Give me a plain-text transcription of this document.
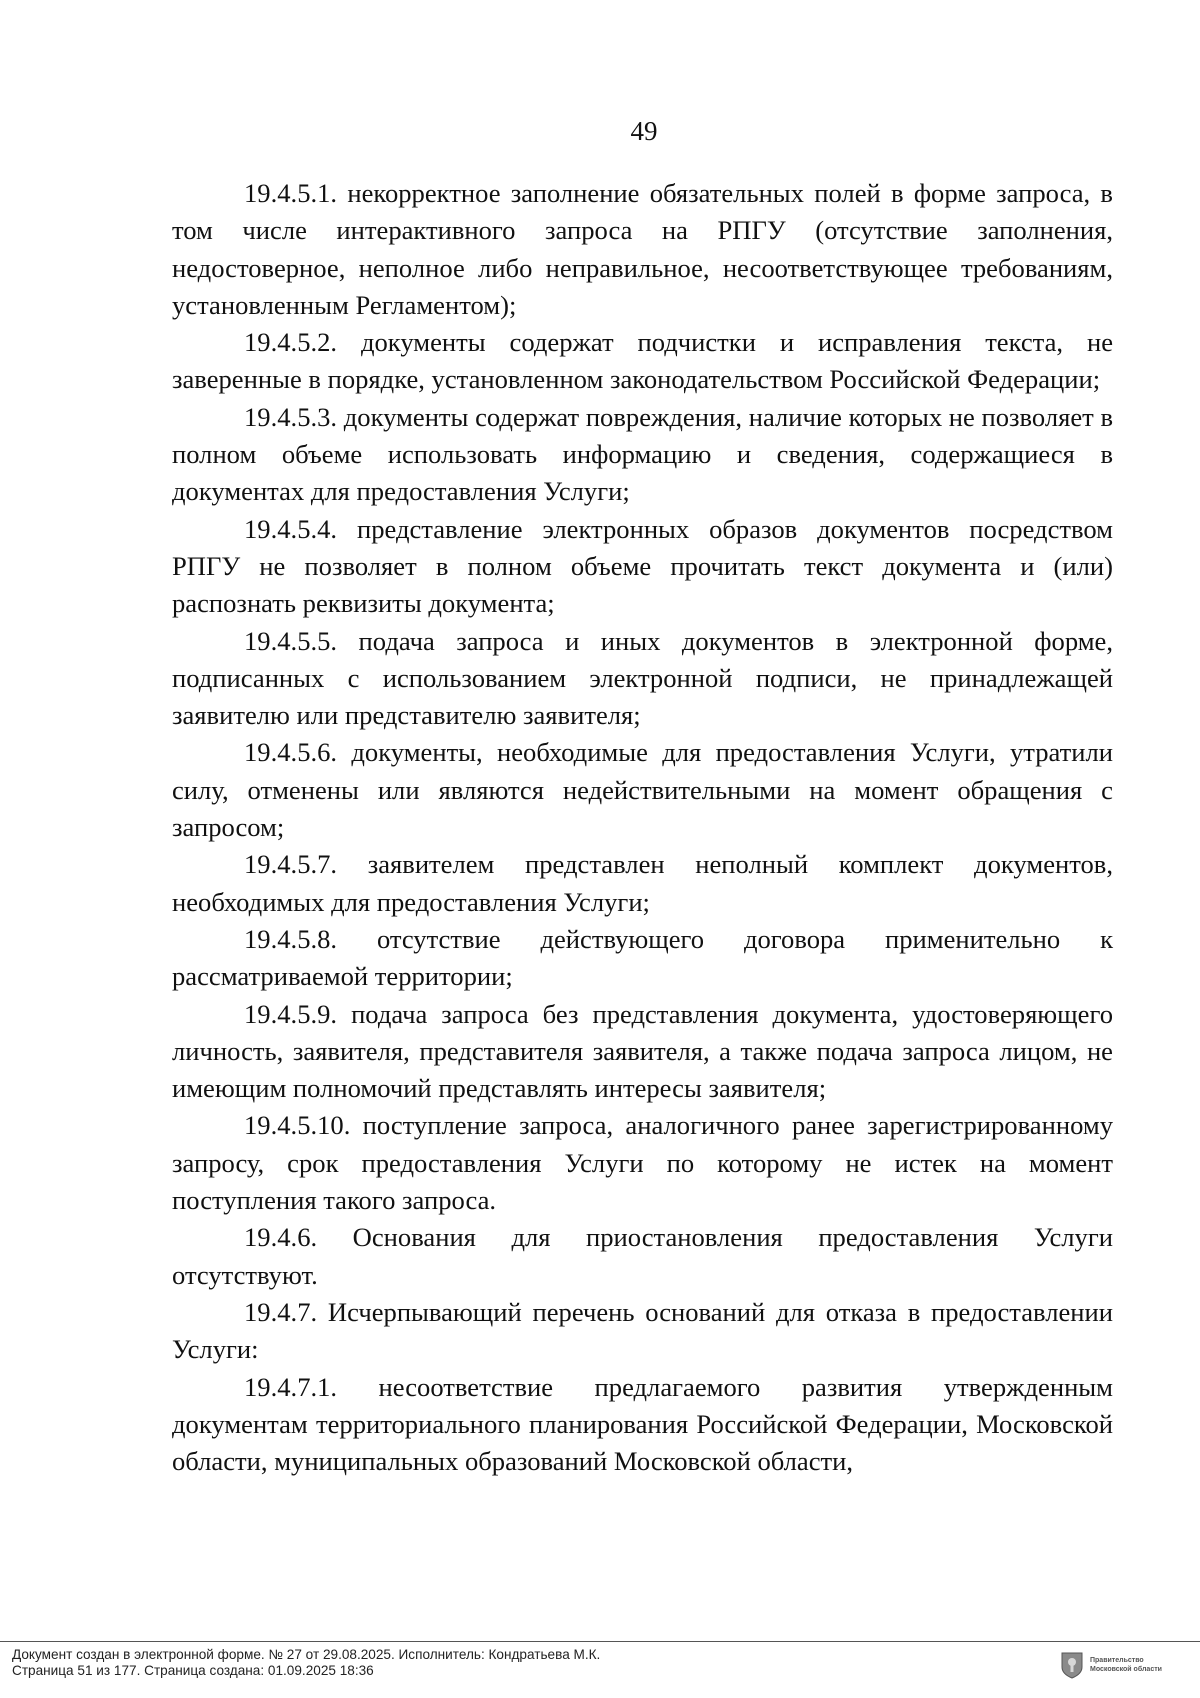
49

19.4.5.1. некорректное заполнение обязательных полей в форме запроса, в том числе интерактивного запроса на РПГУ (отсутствие заполнения, недостоверное, неполное либо неправильное, несоответствующее требованиям, установленным Регламентом);

19.4.5.2. документы содержат подчистки и исправления текста, не заверенные в порядке, установленном законодательством Российской Федерации;

19.4.5.3. документы содержат повреждения, наличие которых не позволяет в полном объеме использовать информацию и сведения, содержащиеся в документах для предоставления Услуги;

19.4.5.4. представление электронных образов документов посредством РПГУ не позволяет в полном объеме прочитать текст документа и (или) распознать реквизиты документа;

19.4.5.5. подача запроса и иных документов в электронной форме, подписанных с использованием электронной подписи, не принадлежащей заявителю или представителю заявителя;

19.4.5.6. документы, необходимые для предоставления Услуги, утратили силу, отменены или являются недействительными на момент обращения с запросом;

19.4.5.7. заявителем представлен неполный комплект документов, необходимых для предоставления Услуги;

19.4.5.8. отсутствие действующего договора применительно к рассматриваемой территории;

19.4.5.9. подача запроса без представления документа, удостоверяющего личность, заявителя, представителя заявителя, а также подача запроса лицом, не имеющим полномочий представлять интересы заявителя;

19.4.5.10. поступление запроса, аналогичного ранее зарегистрированному запросу, срок предоставления Услуги по которому не истек на момент поступления такого запроса.

19.4.6. Основания для приостановления предоставления Услуги отсутствуют.

19.4.7. Исчерпывающий перечень оснований для отказа в предоставлении Услуги:

19.4.7.1. несоответствие предлагаемого развития утвержденным документам территориального планирования Российской Федерации, Московской области, муниципальных образований Московской области,

Документ создан в электронной форме. № 27 от 29.08.2025. Исполнитель: Кондратьева М.К.
Страница 51 из 177. Страница создана: 01.09.2025 18:36
Правительство
Московской области
